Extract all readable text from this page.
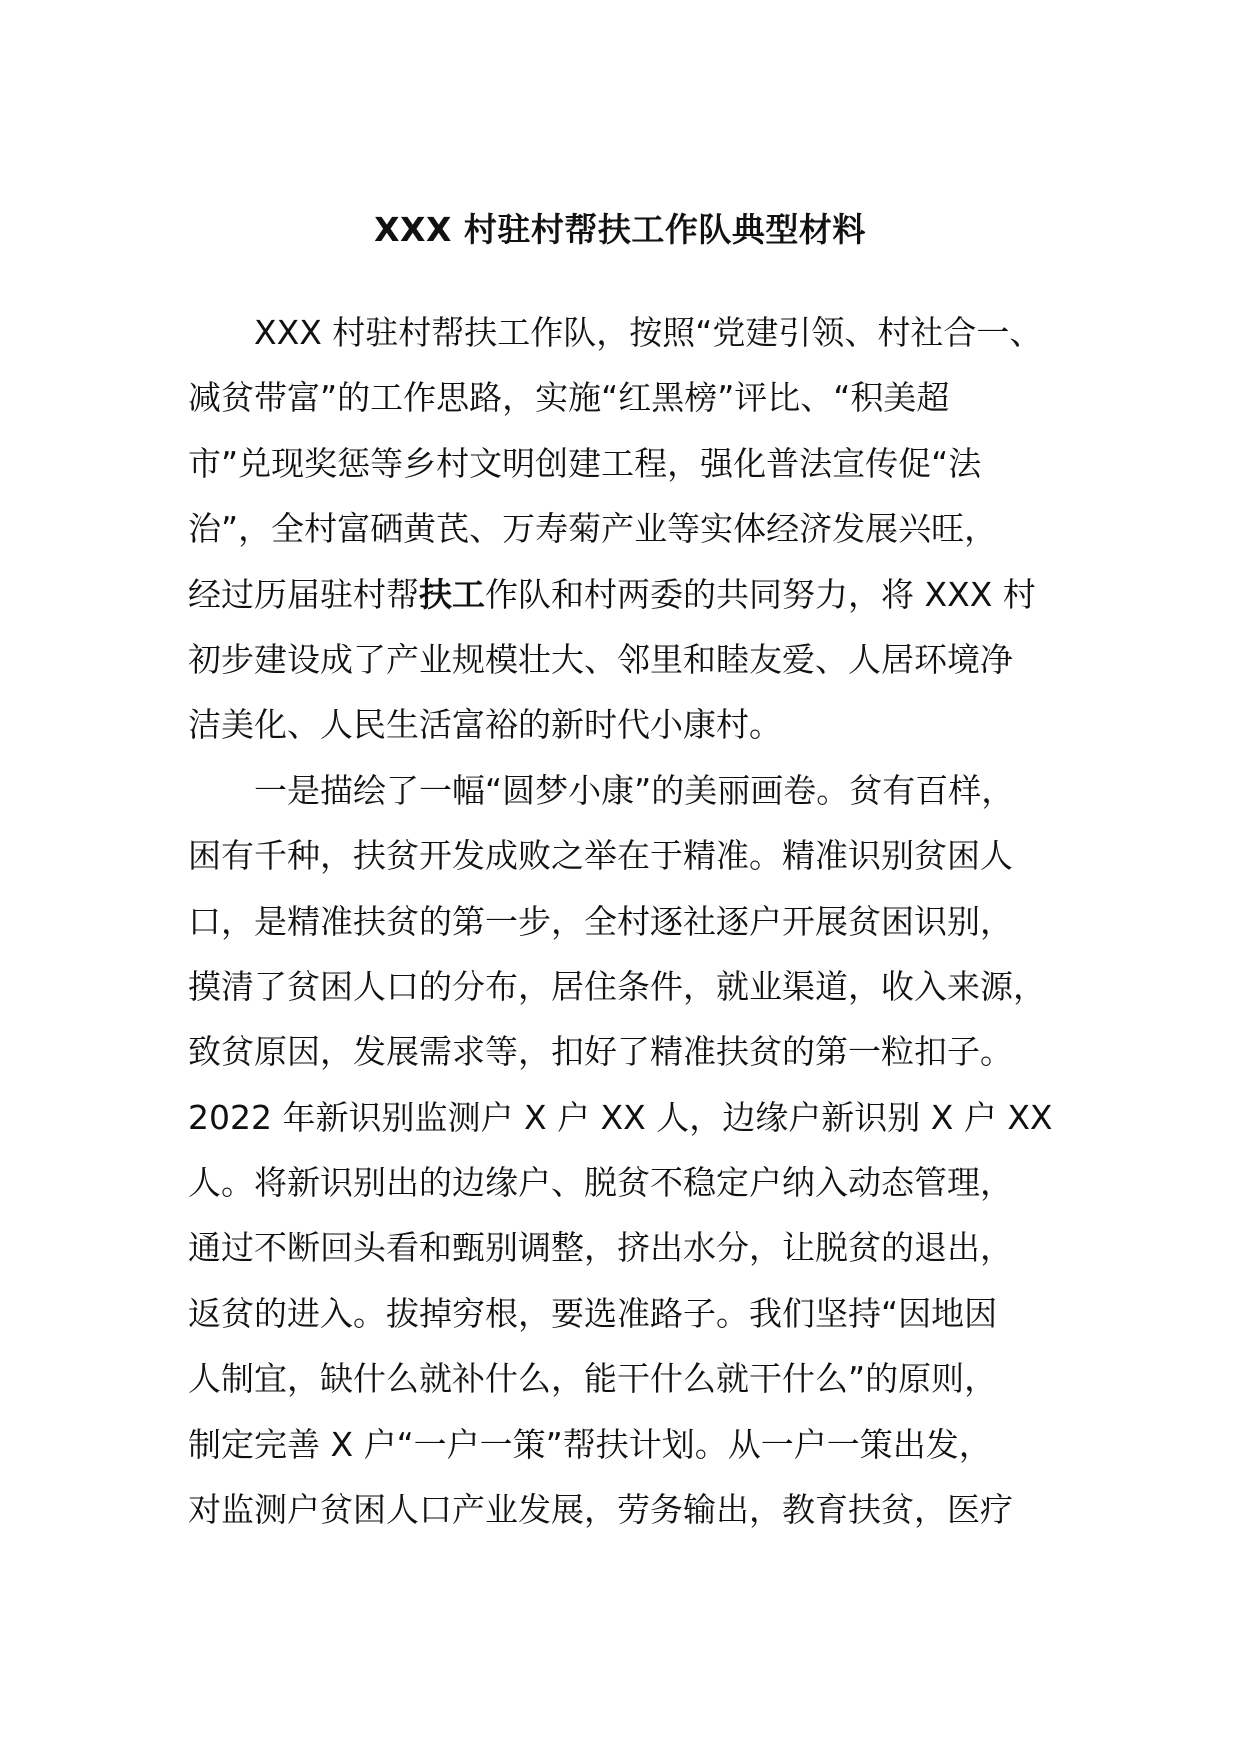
XXX 村驻村帮扶工作队典型材料
XXX 村驻村帮扶工作队，按照“党建引领、村社合一、
减贫带富”的工作思路，实施“红黑榜”评比、“积美超
市”兑现奖惩等乡村文明创建工程，强化普法宣传促“法
治”，全村富硒黄芪、万寿菊产业等实体经济发展兴旺，
经过历届驻村帮扶工作队和村两委的共同努力，将 XXX 村
初步建设成了产业规模壮大、邻里和睦友爱、人居环境净
洁美化、人民生活富裕的新时代小康村。
一是描绘了一幅“圆梦小康”的美丽画卷。贫有百样，
困有千种，扶贫开发成败之举在于精准。精准识别贫困人
口，是精准扶贫的第一步，全村逐社逐户开展贫困识别，
摸清了贫困人口的分布，居住条件，就业渠道，收入来源，
致贫原因，发展需求等，扣好了精准扶贫的第一粒扣子。
2022 年新识别监测户 X 户 XX 人，边缘户新识别 X 户 XX
人。将新识别出的边缘户、脱贫不稳定户纳入动态管理，
通过不断回头看和甄别调整，挤出水分，让脱贫的退出，
返贫的进入。拔掉穷根，要选准路子。我们坚持“因地因
人制宜，缺什么就补什么，能干什么就干什么”的原则，
制定完善 X 户“一户一策”帮扶计划。从一户一策出发，
对监测户贫困人口产业发展，劳务输出，教育扶贫，医疗
